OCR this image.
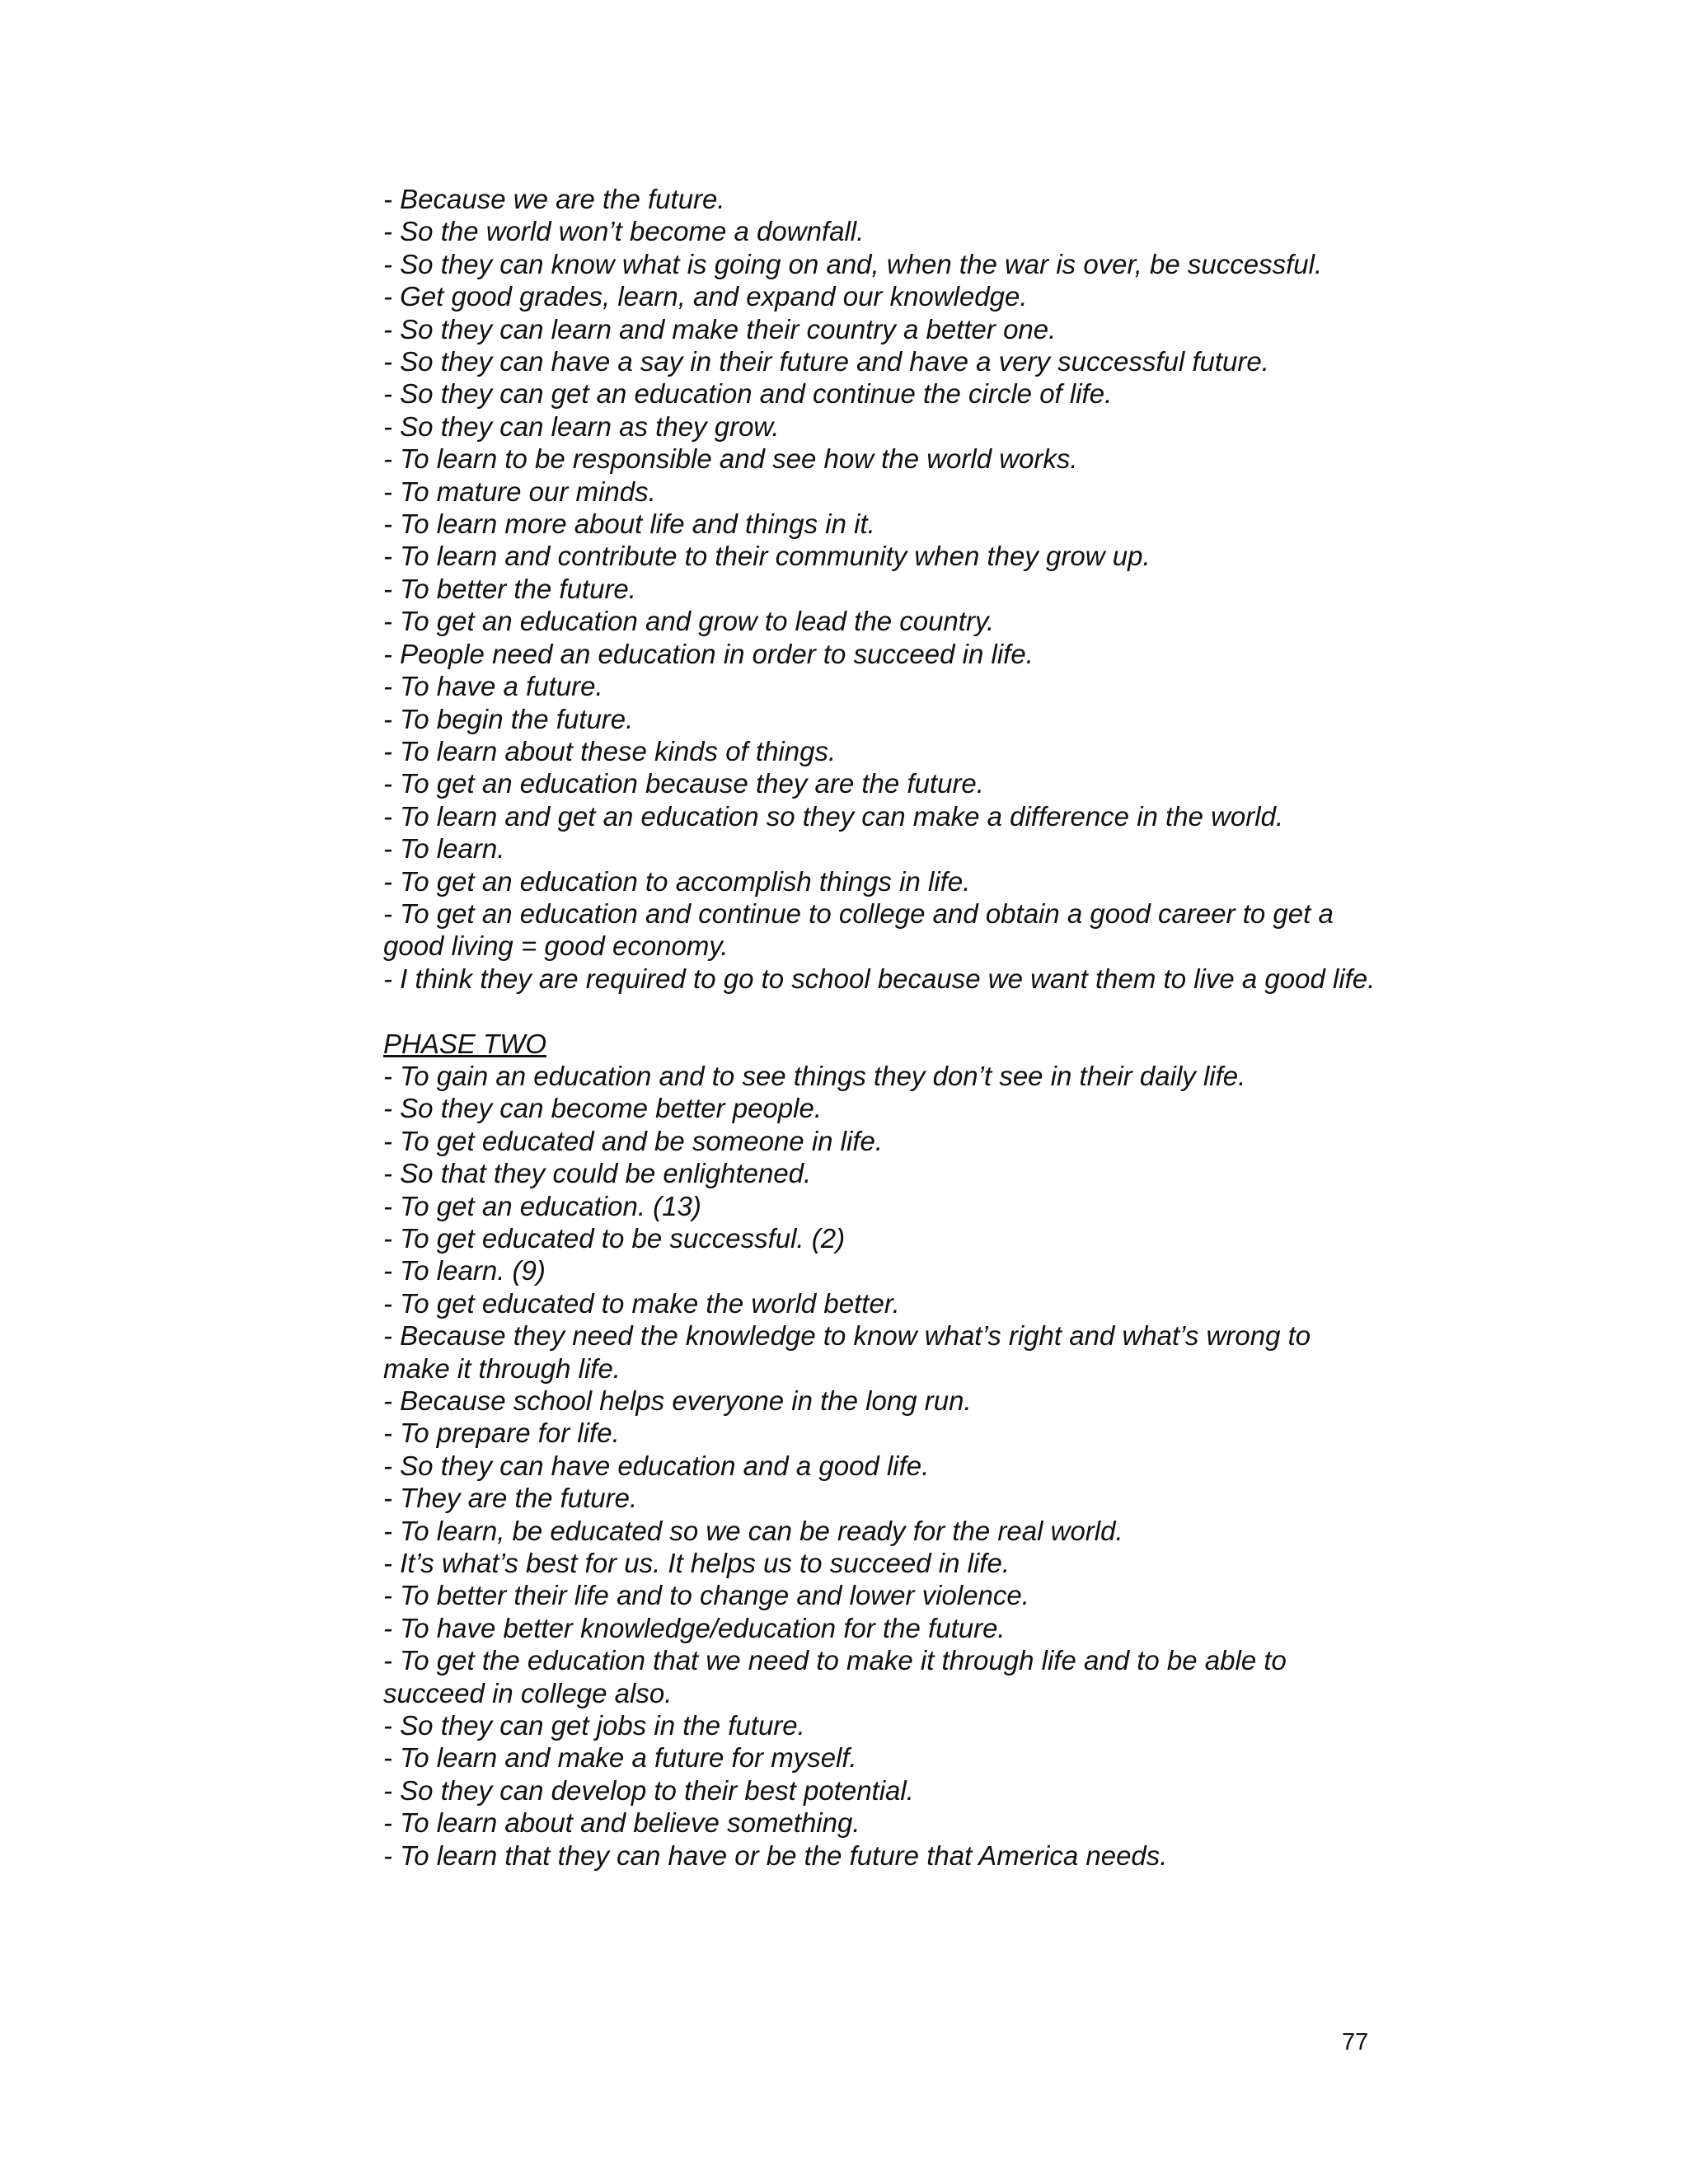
- Because we are the future.

- So the world won’t become a downfall.

- So they can know what is going on and, when the war is over, be successful.

- Get good grades, learn, and expand our knowledge.

- So they can learn and make their country a better one.

- So they can have a say in their future and have a very successful future.

- So they can get an education and continue the circle of life.

- So they can learn as they grow.

- To learn to be responsible and see how the world works.

- To mature our minds.

- To learn more about life and things in it.

- To learn and contribute to their community when they grow up.

- To better the future.

- To get an education and grow to lead the country.

- People need an education in order to succeed in life.

- To have a future.

- To begin the future.

- To learn about these kinds of things.

- To get an education because they are the future.

- To learn and get an education so they can make a difference in the world.

- To learn.

- To get an education to accomplish things in life.

- To get an education and continue to college and obtain a good career to get a good living = good economy.

- I think they are required to go to school because we want them to live a good life.

PHASE TWO

- To gain an education and to see things they don’t see in their daily life.

- So they can become better people.

- To get educated and be someone in life.

- So that they could be enlightened.

- To get an education. (13)

- To get educated to be successful. (2)

- To learn. (9)

- To get educated to make the world better.

- Because they need the knowledge to know what’s right and what’s wrong to make it through life.

- Because school helps everyone in the long run.

- To prepare for life.

- So they can have education and a good life.

- They are the future.

- To learn, be educated so we can be ready for the real world.

- It’s what’s best for us. It helps us to succeed in life.

- To better their life and to change and lower violence.

- To have better knowledge/education for the future.

- To get the education that we need to make it through life and to be able to succeed in college also.

- So they can get jobs in the future.

- To learn and make a future for myself.

- So they can develop to their best potential.

- To learn about and believe something.

- To learn that they can have or be the future that America needs.

77
